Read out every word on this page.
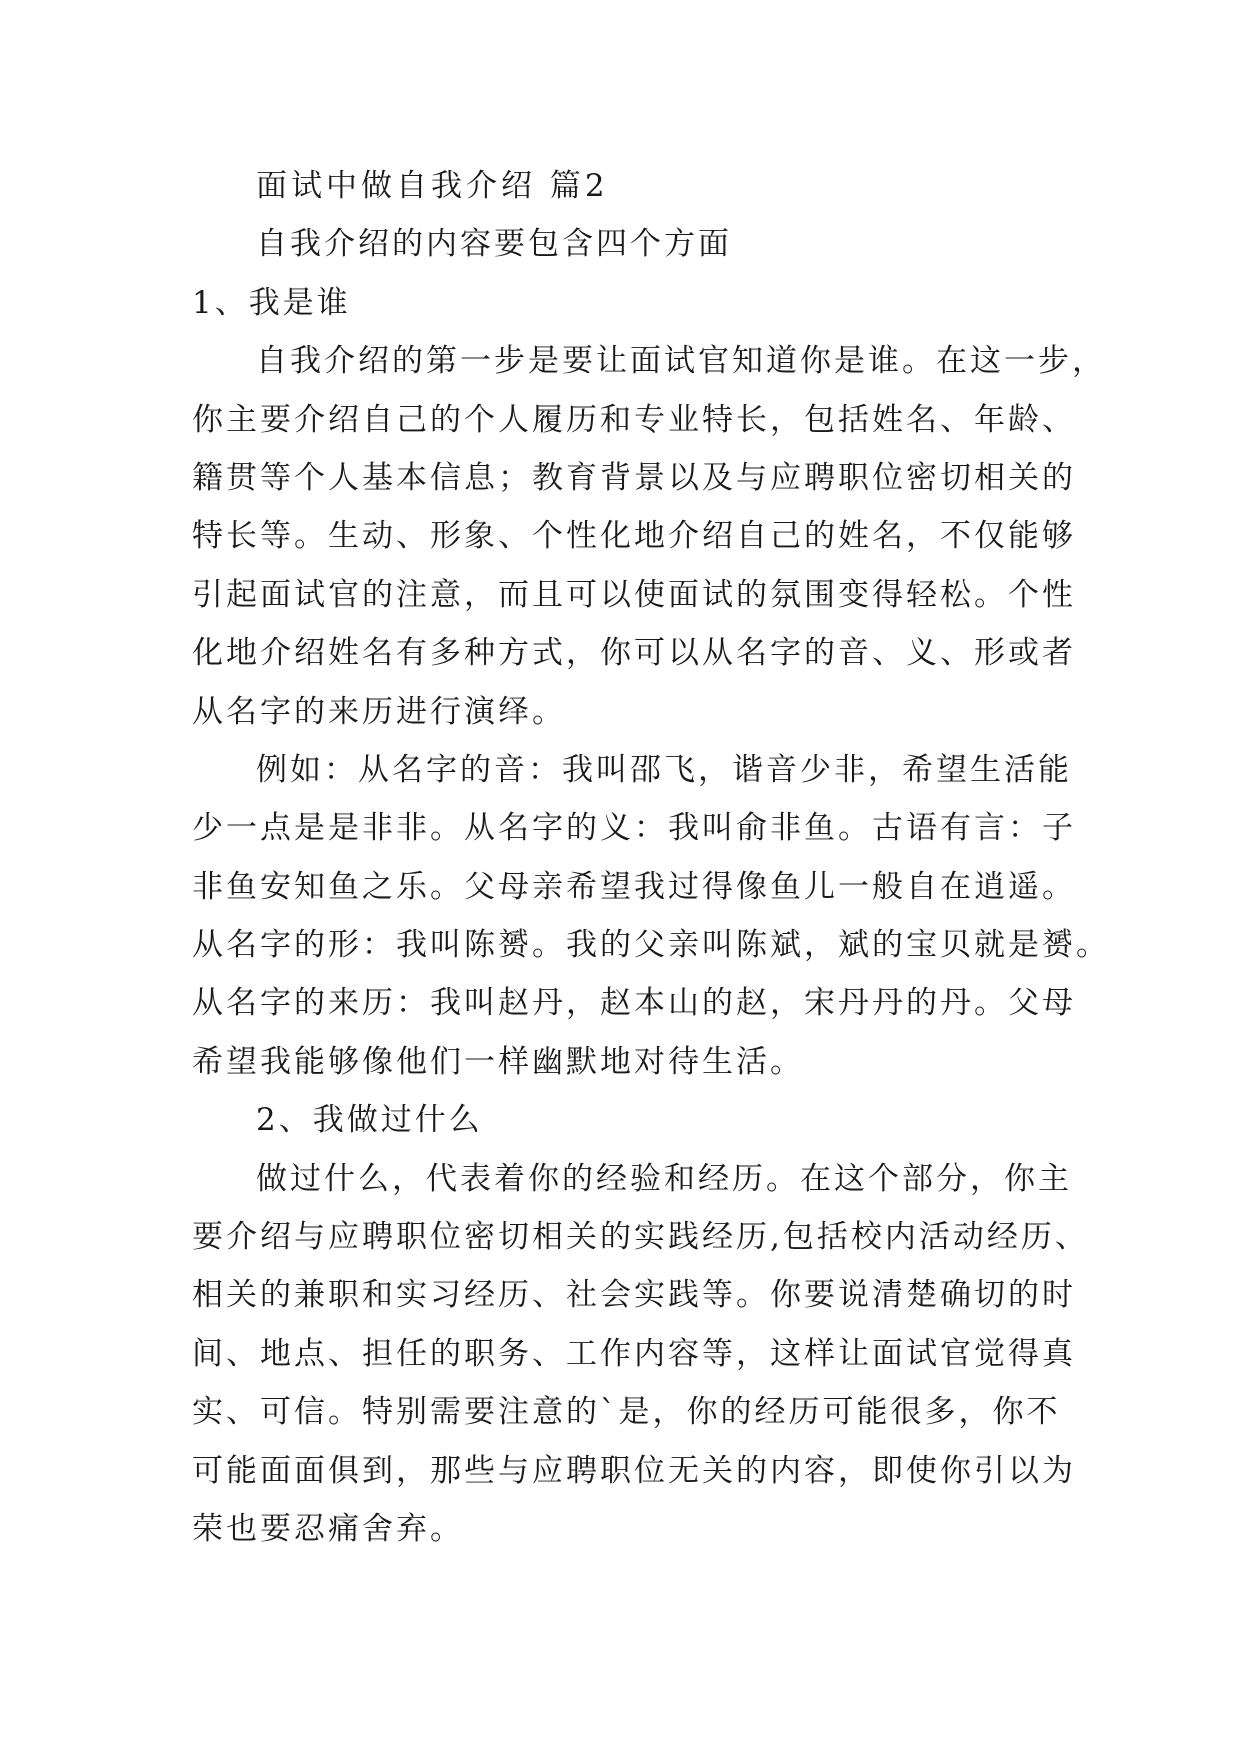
面试中做自我介绍 篇2
自我介绍的内容要包含四个方面
1、我是谁
自我介绍的第一步是要让面试官知道你是谁。在这一步，
你主要介绍自己的个人履历和专业特长，包括姓名、年龄、
籍贯等个人基本信息；教育背景以及与应聘职位密切相关的
特长等。生动、形象、个性化地介绍自己的姓名，不仅能够
引起面试官的注意，而且可以使面试的氛围变得轻松。个性
化地介绍姓名有多种方式，你可以从名字的音、义、形或者
从名字的来历进行演绎。
例如：从名字的音：我叫邵飞，谐音少非，希望生活能
少一点是是非非。从名字的义：我叫俞非鱼。古语有言：子
非鱼安知鱼之乐。父母亲希望我过得像鱼儿一般自在逍遥。
从名字的形：我叫陈赟。我的父亲叫陈斌，斌的宝贝就是赟。
从名字的来历：我叫赵丹，赵本山的赵，宋丹丹的丹。父母
希望我能够像他们一样幽默地对待生活。
2、我做过什么
做过什么，代表着你的经验和经历。在这个部分，你主
要介绍与应聘职位密切相关的实践经历,包括校内活动经历、
相关的兼职和实习经历、社会实践等。你要说清楚确切的时
间、地点、担任的职务、工作内容等，这样让面试官觉得真
实、可信。特别需要注意的`是，你的经历可能很多，你不
可能面面俱到，那些与应聘职位无关的内容，即使你引以为
荣也要忍痛舍弃。
